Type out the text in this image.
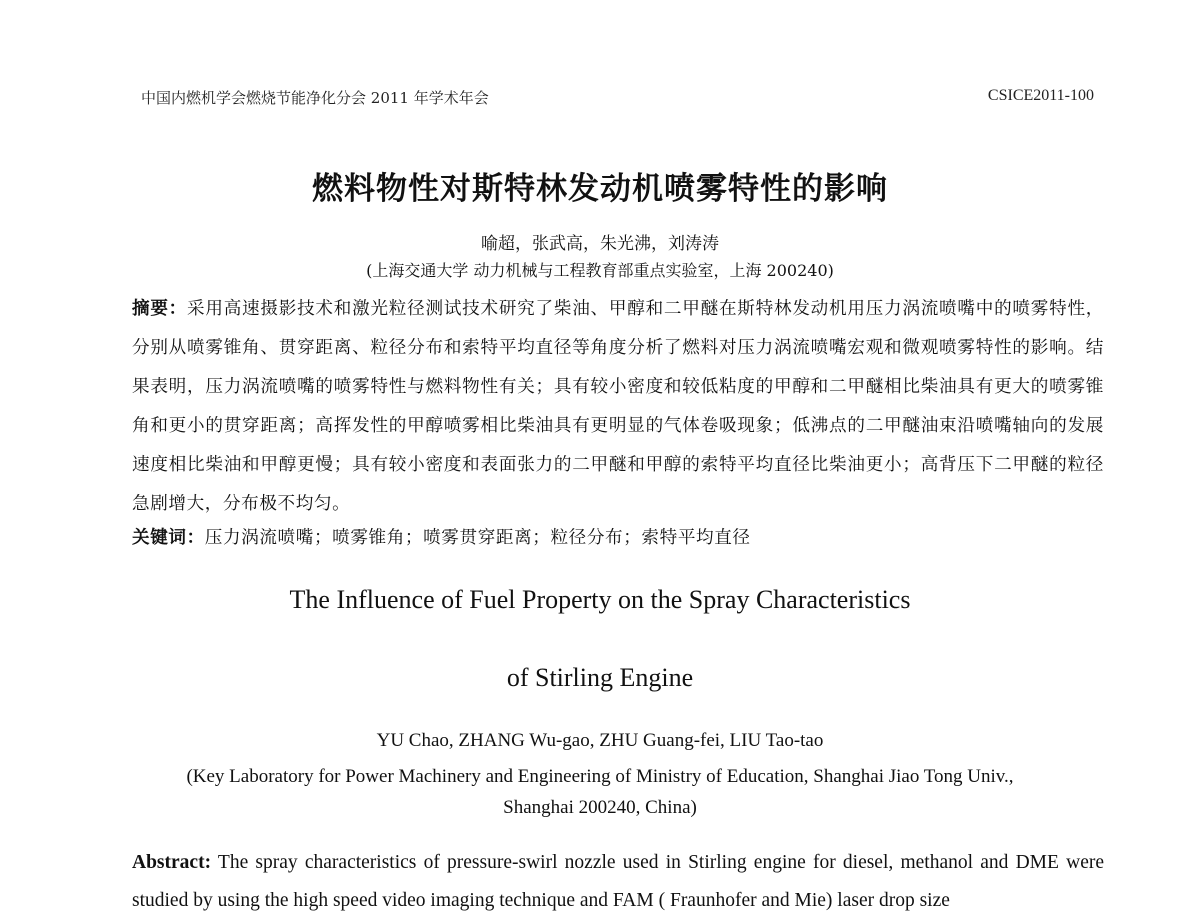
中国内燃机学会燃烧节能净化分会 2011 年学术年会	CSICE2011-100
燃料物性对斯特林发动机喷雾特性的影响
喻超，张武高，朱光沸，刘涛涛
(上海交通大学 动力机械与工程教育部重点实验室，上海 200240)
摘要：采用高速摄影技术和激光粒径测试技术研究了柴油、甲醇和二甲醚在斯特林发动机用压力涡流喷嘴中的喷雾特性，分别从喷雾锥角、贯穿距离、粒径分布和索特平均直径等角度分析了燃料对压力涡流喷嘴宏观和微观喷雾特性的影响。结果表明，压力涡流喷嘴的喷雾特性与燃料物性有关；具有较小密度和较低粘度的甲醇和二甲醚相比柴油具有更大的喷雾锥角和更小的贯穿距离；高挥发性的甲醇喷雾相比柴油具有更明显的气体卷吸现象；低沸点的二甲醚油束沿喷嘴轴向的发展速度相比柴油和甲醇更慢；具有较小密度和表面张力的二甲醚和甲醇的索特平均直径比柴油更小；高背压下二甲醚的粒径急剧增大，分布极不均匀。
关键词：压力涡流喷嘴；喷雾锥角；喷雾贯穿距离；粒径分布；索特平均直径
The Influence of Fuel Property on the Spray Characteristics
of Stirling Engine
YU Chao, ZHANG Wu-gao, ZHU Guang-fei, LIU Tao-tao
(Key Laboratory for Power Machinery and Engineering of Ministry of Education, Shanghai Jiao Tong Univ., Shanghai 200240, China)
Abstract: The spray characteristics of pressure-swirl nozzle used in Stirling engine for diesel, methanol and DME were studied by using the high speed video imaging technique and FAM ( Fraunhofer and Mie) laser drop size
